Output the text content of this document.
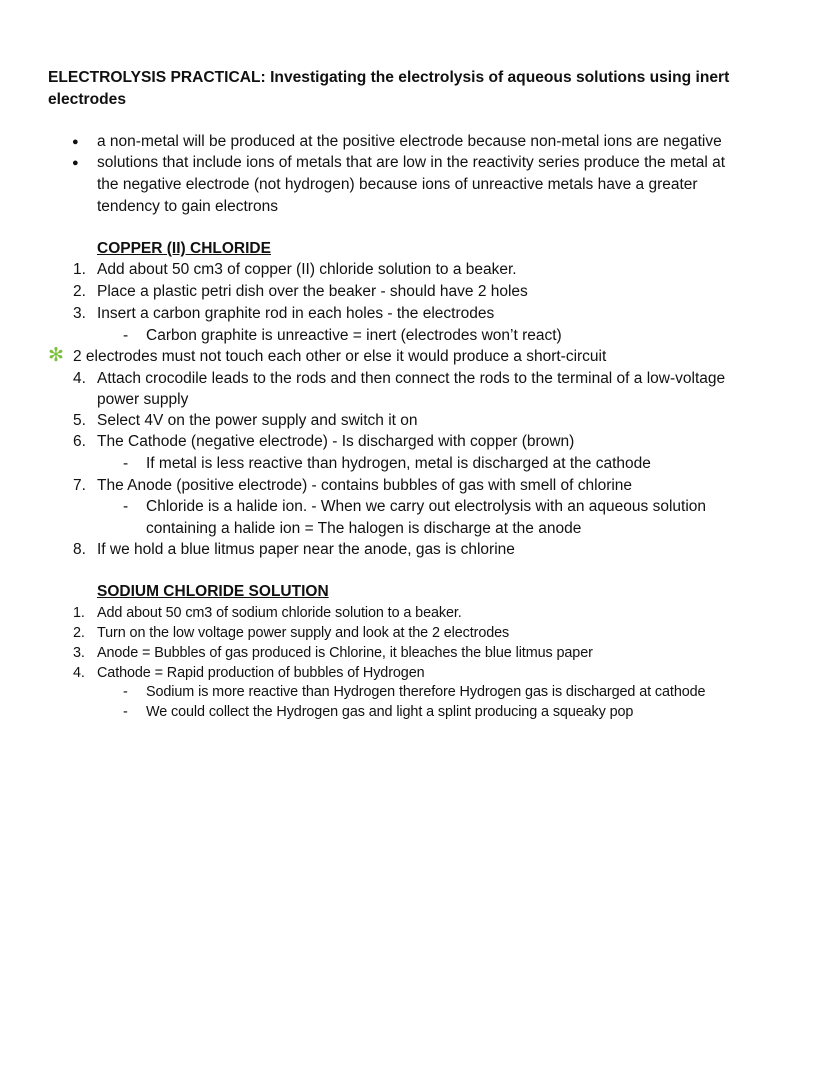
ELECTROLYSIS PRACTICAL: Investigating the electrolysis of aqueous solutions using inert
electrodes
● a non-metal will be produced at the positive electrode because non-metal ions are negative
● solutions that include ions of metals that are low in the reactivity series produce the metal at
the negative electrode (not hydrogen) because ions of unreactive metals have a greater
tendency to gain electrons
COPPER (II) CHLORIDE
1. Add about 50 cm3 of copper (II) chloride solution to a beaker.
2. Place a plastic petri dish over the beaker - should have 2 holes
3. Insert a carbon graphite rod in each holes - the electrodes
- Carbon graphite is unreactive = inert (electrodes won’t react)
✻ 2 electrodes must not touch each other or else it would produce a short-circuit
4. Attach crocodile leads to the rods and then connect the rods to the terminal of a low-voltage
power supply
5. Select 4V on the power supply and switch it on
6. The Cathode (negative electrode) - Is discharged with copper (brown)
- If metal is less reactive than hydrogen, metal is discharged at the cathode
7. The Anode (positive electrode) - contains bubbles of gas with smell of chlorine
- Chloride is a halide ion. - When we carry out electrolysis with an aqueous solution
containing a halide ion = The halogen is discharge at the anode
8. If we hold a blue litmus paper near the anode, gas is chlorine
SODIUM CHLORIDE SOLUTION
1. Add about 50 cm3 of sodium chloride solution to a beaker.
2. Turn on the low voltage power supply and look at the 2 electrodes
3. Anode = Bubbles of gas produced is Chlorine, it bleaches the blue litmus paper
4. Cathode = Rapid production of bubbles of Hydrogen
- Sodium is more reactive than Hydrogen therefore Hydrogen gas is discharged at cathode
- We could collect the Hydrogen gas and light a splint producing a squeaky pop
